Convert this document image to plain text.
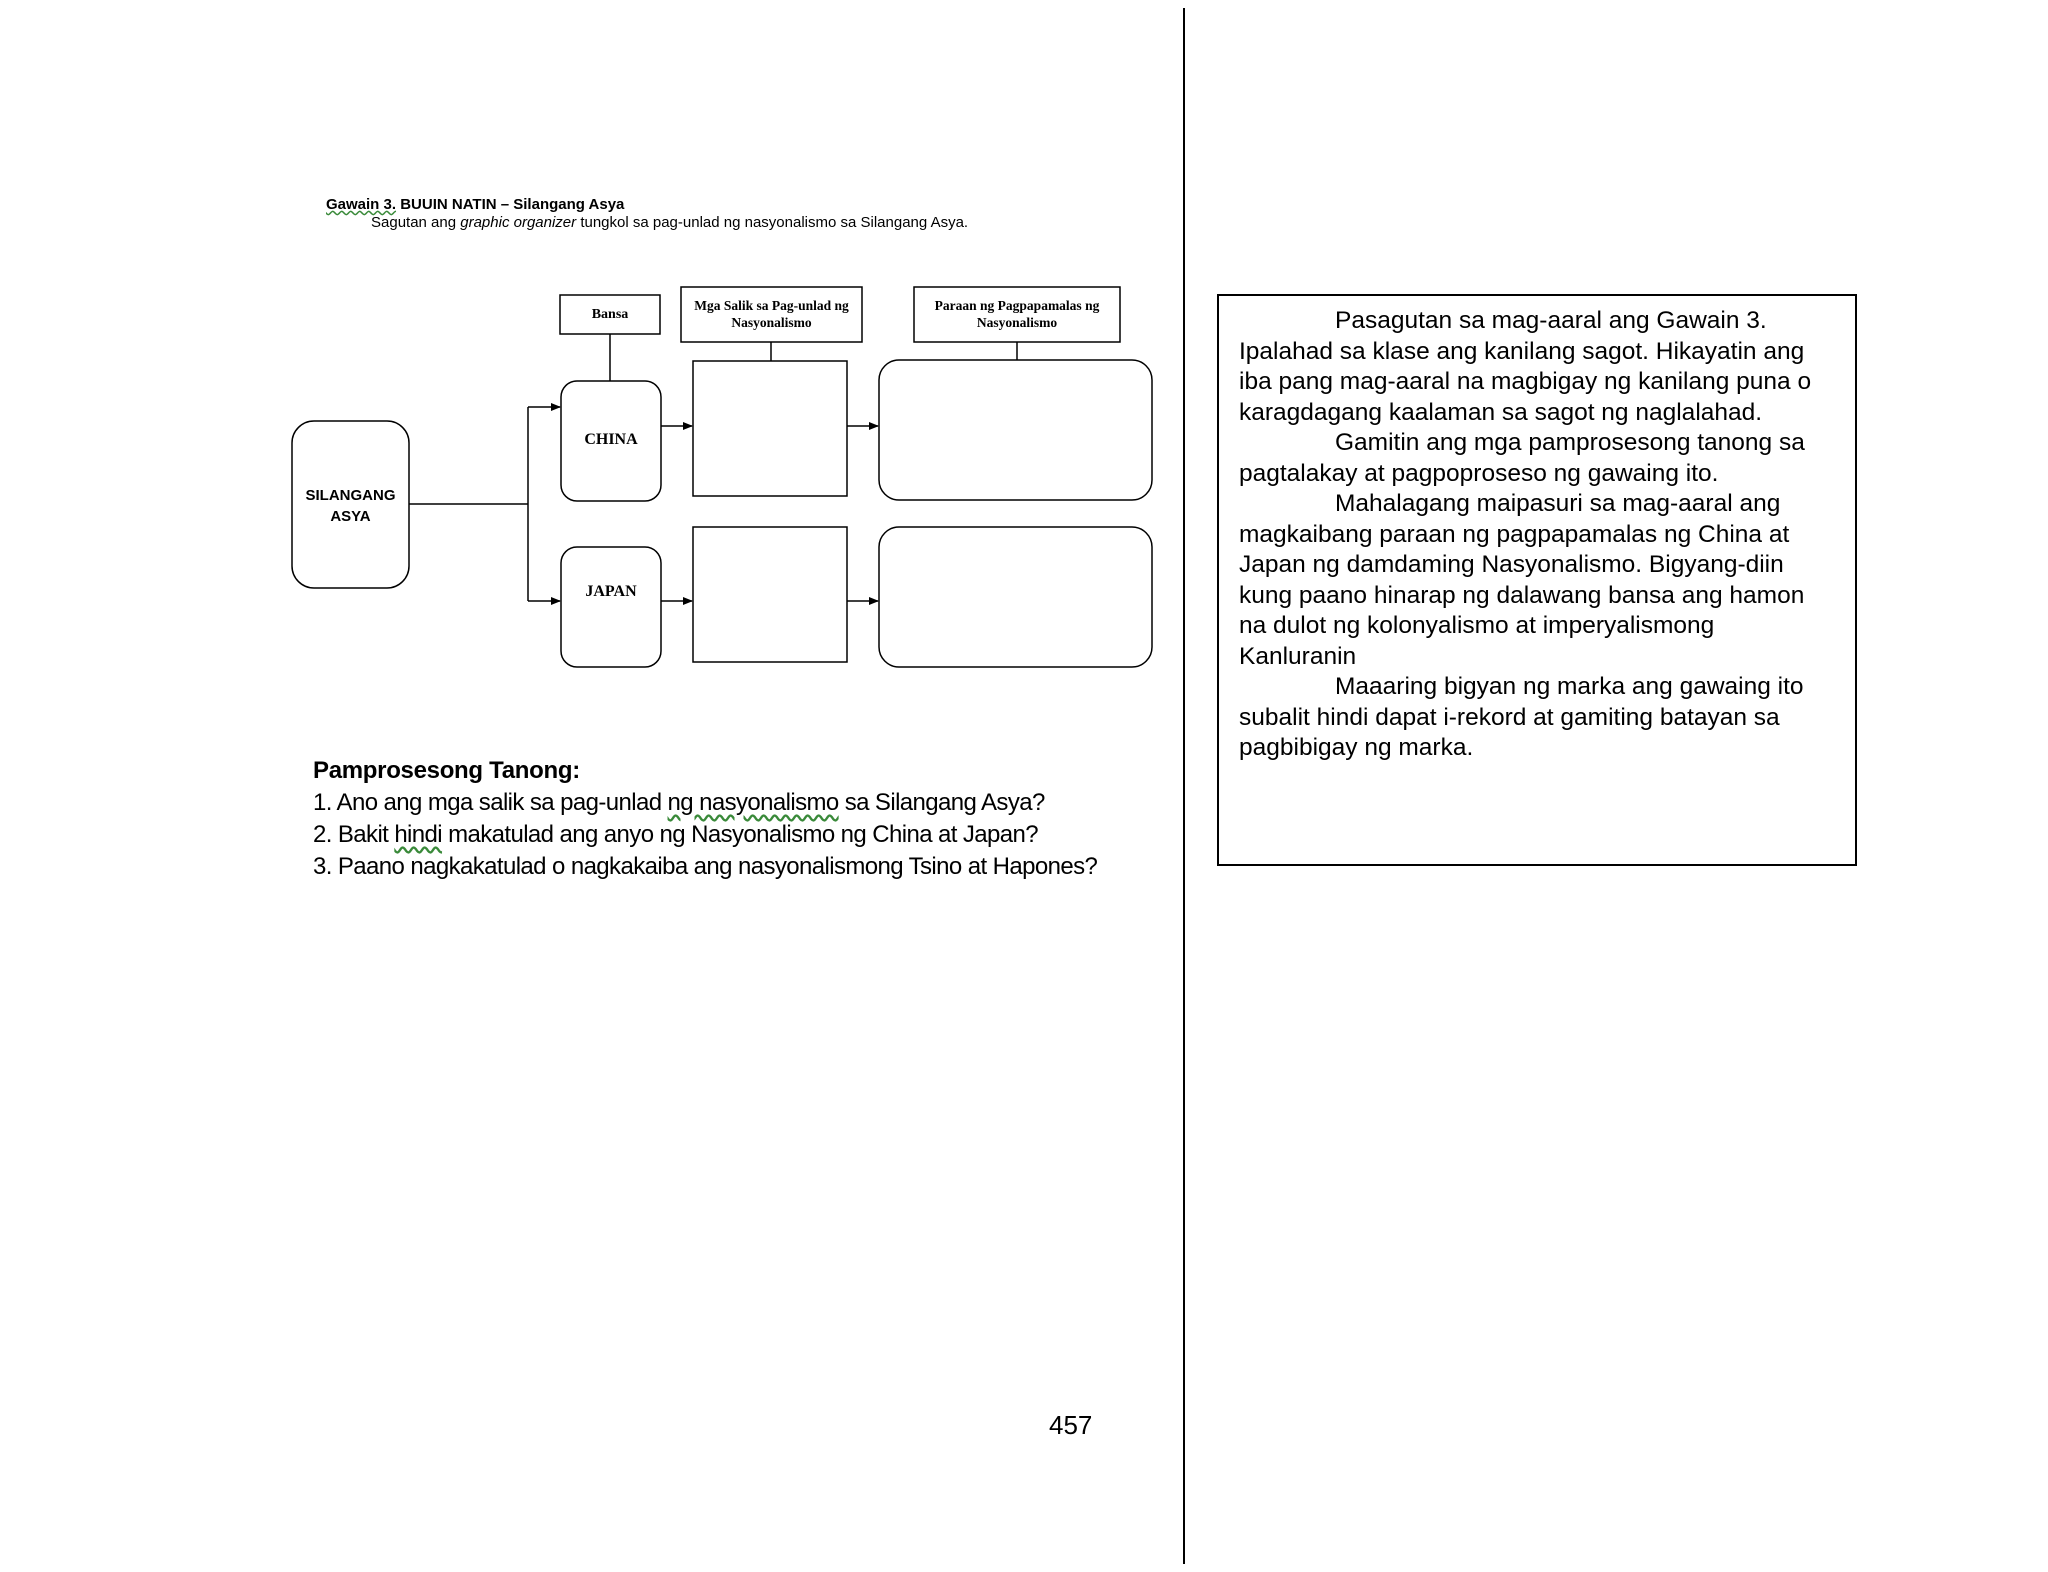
Gawain 3. BUUIN NATIN – Silangang Asya
Sagutan ang graphic organizer tungkol sa pag-unlad ng nasyonalismo sa Silangang Asya.
Bansa
Mga Salik sa Pag-unlad ng Nasyonalismo
Paraan ng Pagpapamalas ng Nasyonalismo
SILANGANG ASYA
CHINA
JAPAN
Pamprosesong Tanong:
1. Ano ang mga salik sa pag-unlad ng nasyonalismo sa Silangang Asya?
2. Bakit hindi makatulad ang anyo ng Nasyonalismo ng China at Japan?
3. Paano nagkakatulad o nagkakaiba ang nasyonalismong Tsino at Hapones?
457

Pasagutan sa mag-aaral ang Gawain 3. Ipalahad sa klase ang kanilang sagot. Hikayatin ang iba pang mag-aaral na magbigay ng kanilang puna o karagdagang kaalaman sa sagot ng naglalahad.

Gamitin ang mga pamprosesong tanong sa pagtalakay at pagpoproseso ng gawaing ito.

Mahalagang maipasuri sa mag-aaral ang magkaibang paraan ng pagpapamalas ng China at Japan ng damdaming Nasyonalismo. Bigyang-diin kung paano hinarap ng dalawang bansa ang hamon na dulot ng kolonyalismo at imperyalismong Kanluranin

Maaaring bigyan ng marka ang gawaing ito subalit hindi dapat i-rekord at gamiting batayan sa pagbibigay ng marka.
